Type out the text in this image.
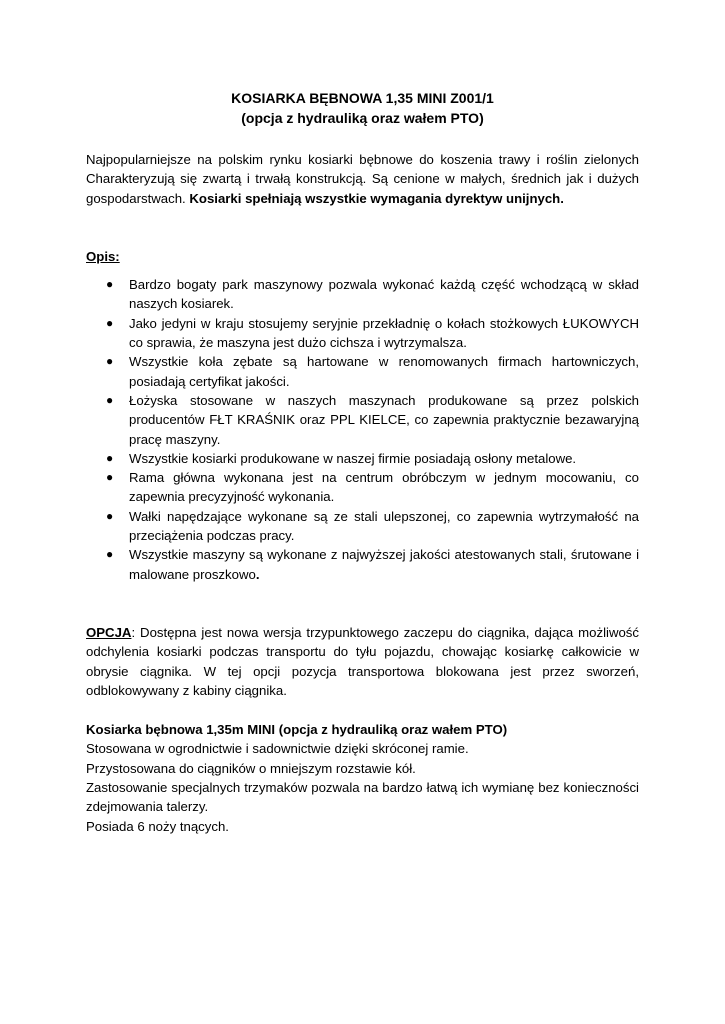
KOSIARKA BĘBNOWA 1,35 MINI Z001/1
(opcja z hydrauliką oraz wałem PTO)

Najpopularniejsze na polskim rynku kosiarki bębnowe do koszenia trawy i roślin zielonych Charakteryzują się zwartą i trwałą konstrukcją. Są cenione w małych, średnich jak i dużych gospodarstwach. Kosiarki spełniają wszystkie wymagania dyrektyw unijnych.

Opis:

● Bardzo bogaty park maszynowy pozwala wykonać każdą część wchodzącą w skład naszych kosiarek.
● Jako jedyni w kraju stosujemy seryjnie przekładnię o kołach stożkowych ŁUKOWYCH co sprawia, że maszyna jest dużo cichsza i wytrzymalsza.
● Wszystkie koła zębate są hartowane w renomowanych firmach hartowniczych, posiadają certyfikat jakości.
● Łożyska stosowane w naszych maszynach produkowane są przez polskich producentów FŁT KRAŚNIK oraz PPL KIELCE, co zapewnia praktycznie bezawaryjną pracę maszyny.
● Wszystkie kosiarki produkowane w naszej firmie posiadają osłony metalowe.
● Rama główna wykonana jest na centrum obróbczym w jednym mocowaniu, co zapewnia precyzyjność wykonania.
● Wałki napędzające wykonane są ze stali ulepszonej, co zapewnia wytrzymałość na przeciążenia podczas pracy.
● Wszystkie maszyny są wykonane z najwyższej jakości atestowanych stali, śrutowane i malowane proszkowo.

OPCJA: Dostępna jest nowa wersja trzypunktowego zaczepu do ciągnika, dająca możliwość odchylenia kosiarki podczas transportu do tyłu pojazdu, chowając kosiarkę całkowicie w obrysie ciągnika. W tej opcji pozycja transportowa blokowana jest przez sworzeń, odblokowywany z kabiny ciągnika.

Kosiarka bębnowa 1,35m MINI (opcja z hydrauliką oraz wałem PTO)
Stosowana w ogrodnictwie i sadownictwie dzięki skróconej ramie.
Przystosowana do ciągników o mniejszym rozstawie kół.
Zastosowanie specjalnych trzymaków pozwala na bardzo łatwą ich wymianę bez konieczności zdejmowania talerzy.
Posiada 6 noży tnących.
